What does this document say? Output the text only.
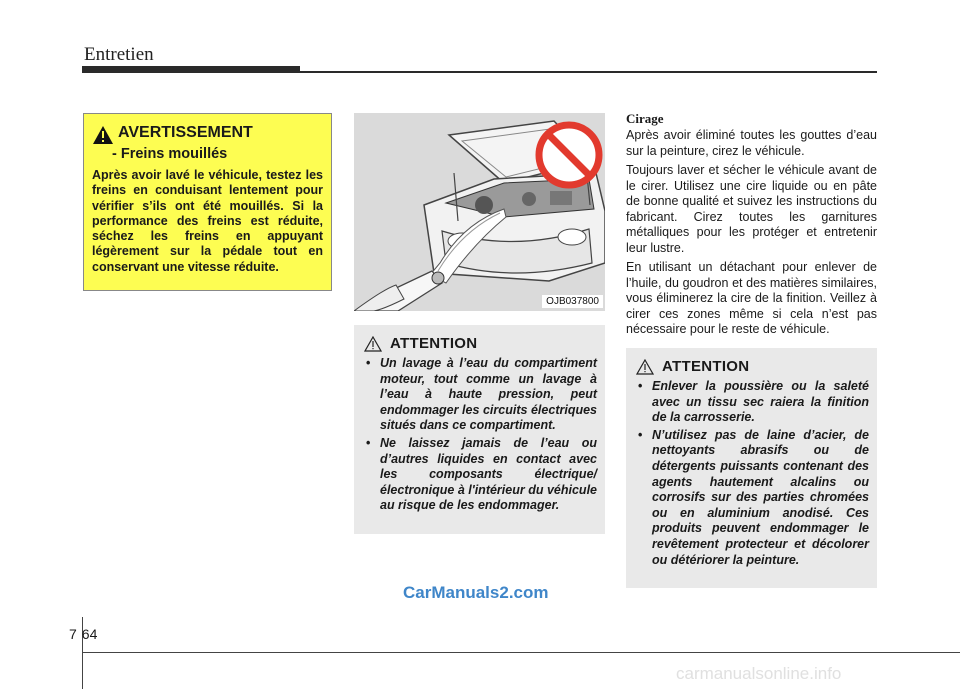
Entretien
AVERTISSEMENT
- Freins mouillés
Après avoir lavé le véhicule, testez les freins en conduisant lentement pour vérifier s’ils ont été mouillés. Si la performance des freins est réduite, séchez les freins en appuyant légèrement sur la pédale tout en conservant une vitesse réduite.
OJB037800
ATTENTION
• Un lavage à l’eau du compartiment moteur, tout comme un lavage à l’eau à haute pression, peut endommager les circuits électriques situés dans ce compartiment.
• Ne laissez jamais de l’eau ou d’autres liquides en contact avec les composants électrique/électronique à l'intérieur du véhicule au risque de les endommager.
Cirage

Après avoir éliminé toutes les gouttes d’eau sur la peinture, cirez le véhicule.

Toujours laver et sécher le véhicule avant de le cirer. Utilisez une cire liquide ou en pâte de bonne qualité et suivez les instructions du fabricant. Cirez toutes les garnitures métalliques pour les protéger et entretenir leur lustre.

En utilisant un détachant pour enlever de l’huile, du goudron et des matières similaires, vous éliminerez la cire de la finition. Veillez à cirer ces zones même si cela n’est pas nécessaire pour le reste de véhicule.

ATTENTION
• Enlever la poussière ou la saleté avec un tissu sec raiera la finition de la carrosserie.
• N’utilisez pas de laine d’acier, de nettoyants abrasifs ou de détergents puissants contenant des agents hautement alcalins ou corrosifs sur des parties chromées ou en aluminium anodisé. Ces produits peuvent endommager le revêtement protecteur et décolorer ou détériorer la peinture.
CarManuals2.com
7 64
carmanualsonline.info
